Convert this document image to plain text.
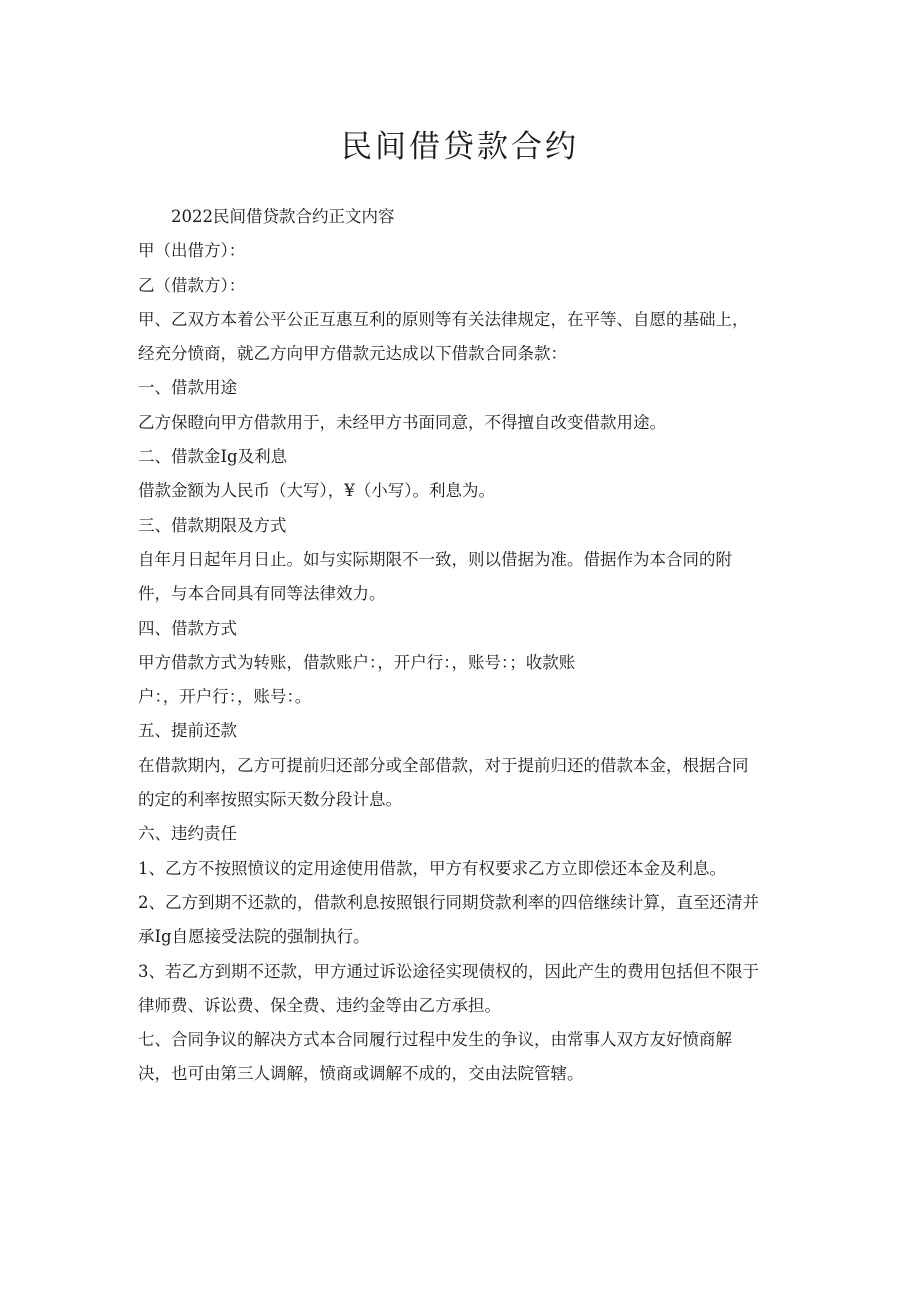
民间借贷款合约

2022民间借贷款合约正文内容

甲（出借方）：

乙（借款方）：

甲、乙双方本着公平公正互惠互利的原则等有关法律规定，在平等、自愿的基础上，

经充分愤商，就乙方向甲方借款元达成以下借款合同条款：

一、借款用途

乙方保瞪向甲方借款用于，未经甲方书面同意，不得擅自改变借款用途。

二、借款金Ig及利息

借款金额为人民币（大写），¥（小写）。利息为。

三、借款期限及方式

自年月日起年月日止。如与实际期限不一致，则以借据为准。借据作为本合同的附

件，与本合同具有同等法律效力。

四、借款方式

甲方借款方式为转账，借款账户：，开户行：，账号：；收款账

户：，开户行：，账号：。

五、提前还款

在借款期内，乙方可提前归还部分或全部借款，对于提前归还的借款本金，根据合同

的定的利率按照实际天数分段计息。

六、违约责任

1、乙方不按照愤议的定用途使用借款，甲方有权要求乙方立即偿还本金及利息。

2、乙方到期不还款的，借款利息按照银行同期贷款利率的四倍继续计算，直至还清并

承Ig自愿接受法院的强制执行。

3、若乙方到期不还款，甲方通过诉讼途径实现债权的，因此产生的费用包括但不限于

律师费、诉讼费、保全费、违约金等由乙方承担。

七、合同争议的解决方式本合同履行过程中发生的争议，由常事人双方友好愤商解

决，也可由第三人调解，愤商或调解不成的，交由法院管辖。
